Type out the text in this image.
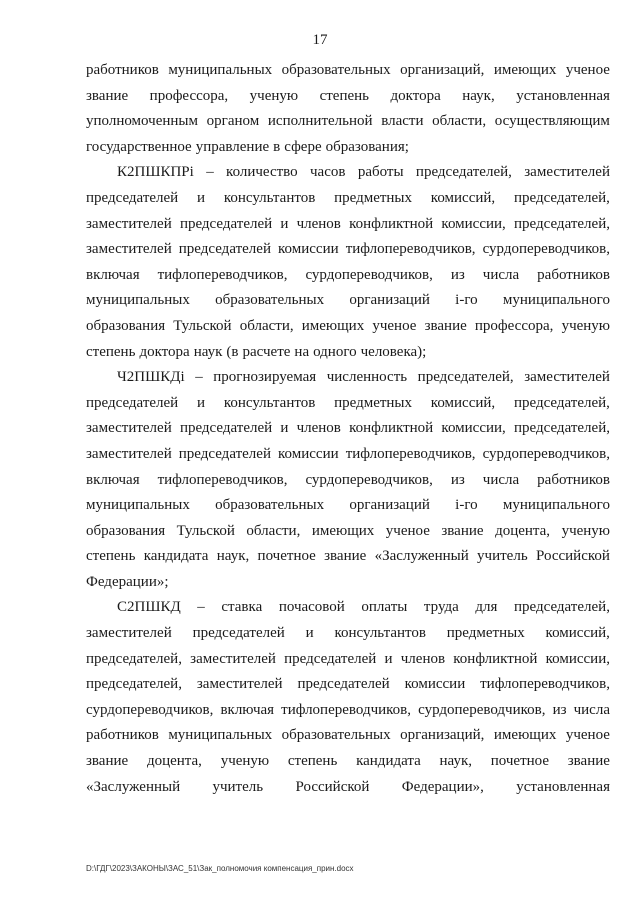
17
работников муниципальных образовательных организаций, имеющих ученое
звание профессора, ученую степень доктора наук, установленная
уполномоченным органом исполнительной власти области, осуществляющим
государственное управление в сфере образования;
К2ПШКПРi – количество часов работы председателей, заместителей
председателей и консультантов предметных комиссий, председателей,
заместителей председателей и членов конфликтной комиссии, председателей,
заместителей председателей комиссии тифлопереводчиков, сурдопереводчиков,
включая тифлопереводчиков, сурдопереводчиков, из числа работников
муниципальных образовательных организаций i-го муниципального
образования Тульской области, имеющих ученое звание профессора, ученую
степень доктора наук (в расчете на одного человека);
Ч2ПШКДi – прогнозируемая численность председателей, заместителей
председателей и консультантов предметных комиссий, председателей,
заместителей председателей и членов конфликтной комиссии, председателей,
заместителей председателей комиссии тифлопереводчиков, сурдопереводчиков,
включая тифлопереводчиков, сурдопереводчиков, из числа работников
муниципальных образовательных организаций i-го муниципального
образования Тульской области, имеющих ученое звание доцента, ученую
степень кандидата наук, почетное звание «Заслуженный учитель Российской
Федерации»;
С2ПШКД – ставка почасовой оплаты труда для председателей,
заместителей председателей и консультантов предметных комиссий,
председателей, заместителей председателей и членов конфликтной комиссии,
председателей, заместителей председателей комиссии тифлопереводчиков,
сурдопереводчиков, включая тифлопереводчиков, сурдопереводчиков, из числа
работников муниципальных образовательных организаций, имеющих ученое
звание доцента, ученую степень кандидата наук, почетное звание
«Заслуженный учитель Российской Федерации», установленная
D:\ГДГ\2023\ЗАКОНЫ\ЗАС_51\Зак_полномочия компенсация_прин.docx
